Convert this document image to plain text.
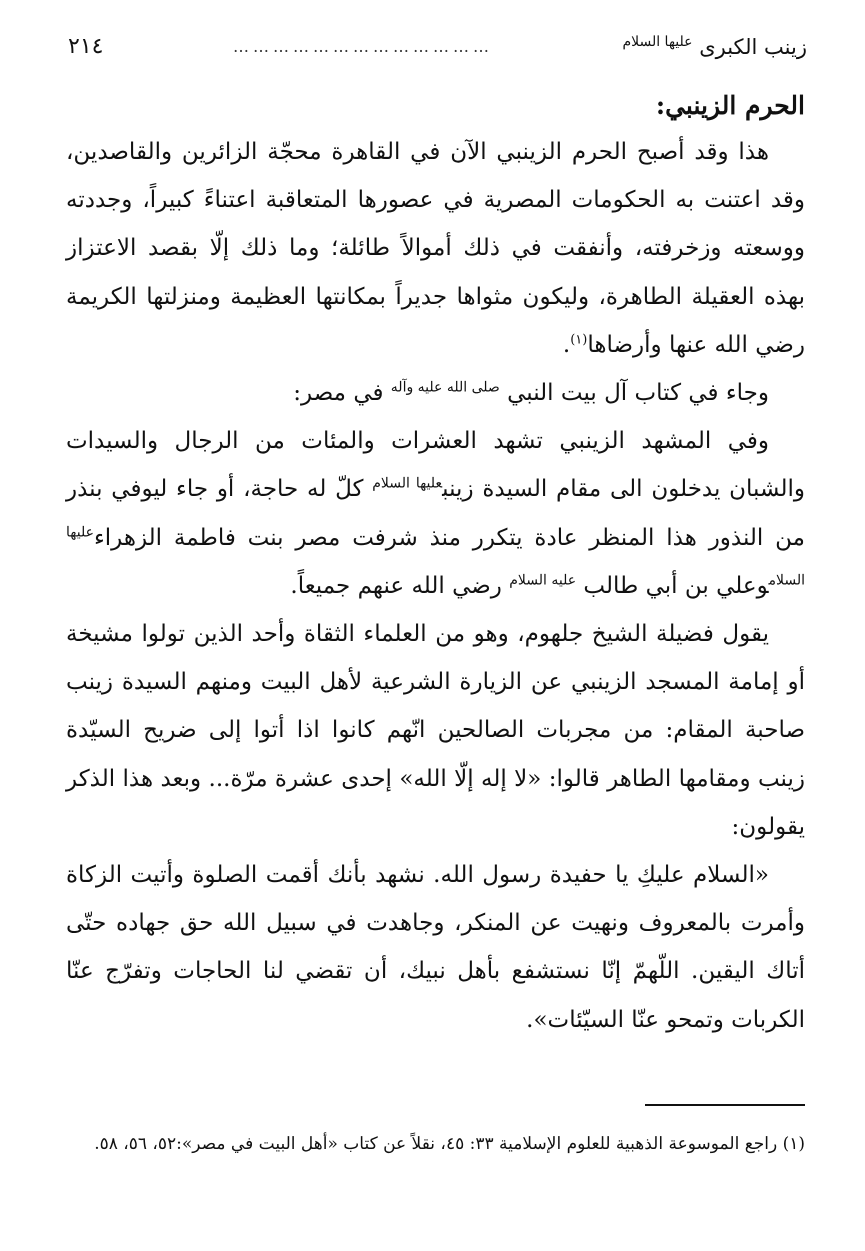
زينب الكبرى $^{عليها السلام}$
…………………………………
٢١٤

الحرم الزينبي:

هذا وقد أصبح الحرم الزينبي الآن في القاهرة محجّة الزائرين والقاصدين، وقد اعتنت به الحكومات المصرية في عصورها المتعاقبة اعتناءً كبيراً، وجددته ووسعته وزخرفته، وأنفقت في ذلك أموالاً طائلة؛ وما ذلك إلّا بقصد الاعتزاز بهذه العقيلة الطاهرة، وليكون مثواها جديراً بمكانتها العظيمة ومنزلتها الكريمة رضي الله عنها وأرضاها$^{(١)}$.

وجاء في كتاب آل بيت النبي $^{صلى الله عليه وآله}$ في مصر:

وفي المشهد الزينبي تشهد العشرات والمئات من الرجال والسيدات والشبان يدخلون الى مقام السيدة زينب$^{عليها السلام}$ كلّ له حاجة، أو جاء ليوفي بنذر من النذور هذا المنظر عادة يتكرر منذ شرفت مصر بنت فاطمة الزهراء$^{عليها السلام}$وعلي بن أبي طالب $^{عليه السلام}$ رضي الله عنهم جميعاً.

يقول فضيلة الشيخ جلهوم، وهو من العلماء الثقاة وأحد الذين تولوا مشيخة أو إمامة المسجد الزينبي عن الزيارة الشرعية لأهل البيت ومنهم السيدة زينب صاحبة المقام: من مجربات الصالحين انّهم كانوا اذا أتوا إلى ضريح السيّدة زينب ومقامها الطاهر قالوا: «لا إله إلّا الله» إحدى عشرة مرّة... وبعد هذا الذكر يقولون:

«السلام عليكِ يا حفيدة رسول الله. نشهد بأنك أقمت الصلوة وأتيت الزكاة وأمرت بالمعروف ونهيت عن المنكر، وجاهدت في سبيل الله حق جهاده حتّى أتاك اليقين. اللّهمّ إنّا نستشفع بأهل نبيك، أن تقضي لنا الحاجات وتفرّج عنّا الكربات وتمحو عنّا السيّئات».

(١) راجع الموسوعة الذهبية للعلوم الإسلامية ٣٣: ٤٥، نقلاً عن كتاب «أهل البيت في مصر»:٥٢، ٥٦، ٥٨.
